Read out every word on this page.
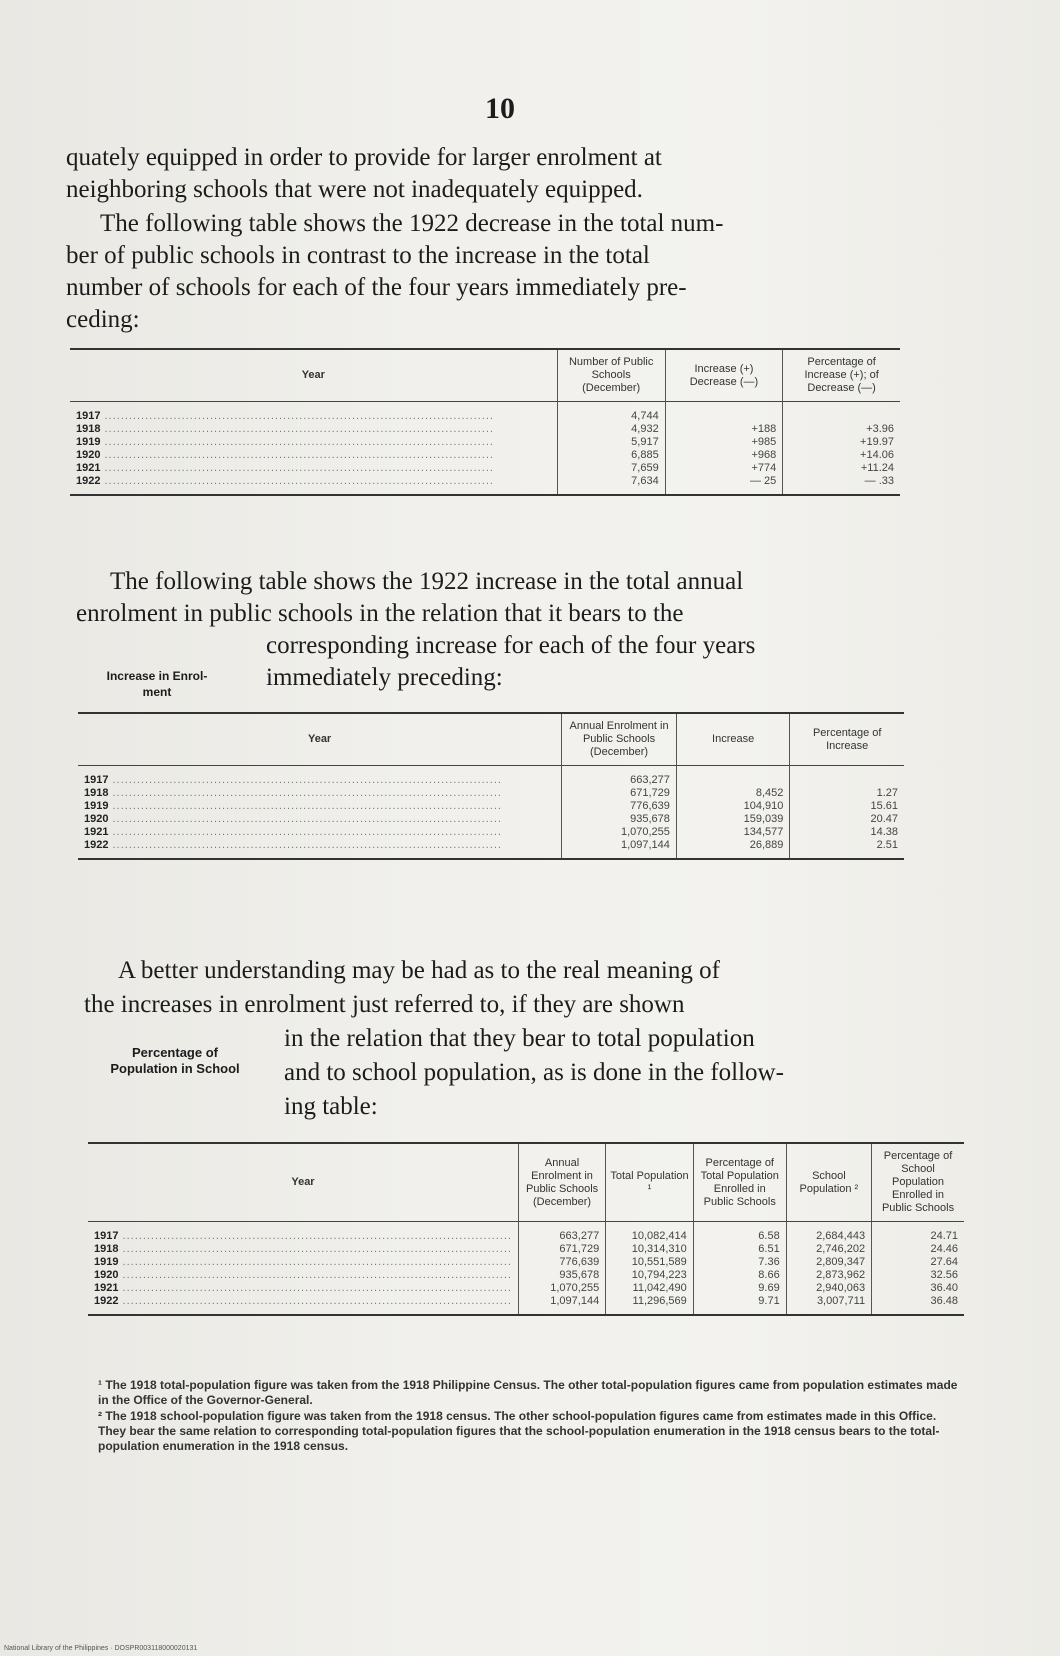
10
quately equipped in order to provide for larger enrolment at
neighboring schools that were not inadequately equipped.
The following table shows the 1922 decrease in the total num-
ber of public schools in contrast to the increase in the total
number of schools for each of the four years immediately pre-
ceding:
Year	Number of Public Schools (December)	Increase (+) Decrease (—)	Percentage of Increase (+); of Decrease (—)
1917 .....	4,744		
1918 .....	4,932	+188	+3.96
1919 .....	5,917	+985	+19.97
1920 .....	6,885	+968	+14.06
1921 .....	7,659	+774	+11.24
1922 .....	7,634	— 25	— .33
The following table shows the 1922 increase in the total annual
enrolment in public schools in the relation that it bears to the
corresponding increase for each of the four years
immediately preceding:
Increase in Enrol- ment
Year	Annual Enrolment in Public Schools (December)	Increase	Percentage of Increase
1917 .....	663,277		
1918 .....	671,729	8,452	1.27
1919 .....	776,639	104,910	15.61
1920 .....	935,678	159,039	20.47
1921 .....	1,070,255	134,577	14.38
1922 .....	1,097,144	26,889	2.51
A better understanding may be had as to the real meaning of
the increases in enrolment just referred to, if they are shown
in the relation that they bear to total population
and to school population, as is done in the follow-
ing table:
Percentage of Population in School
Year	Annual Enrolment in Public Schools (December)	Total Population ¹	Percentage of Total Population Enrolled in Public Schools	School Population ²	Percentage of School Population Enrolled in Public Schools
1917 .....	663,277	10,082,414	6.58	2,684,443	24.71
1918 .....	671,729	10,314,310	6.51	2,746,202	24.46
1919 .....	776,639	10,551,589	7.36	2,809,347	27.64
1920 .....	935,678	10,794,223	8.66	2,873,962	32.56
1921 .....	1,070,255	11,042,490	9.69	2,940,063	36.40
1922 .....	1,097,144	11,296,569	9.71	3,007,711	36.48

¹ The 1918 total-population figure was taken from the 1918 Philippine Census. The other total-population figures came from population estimates made in the Office of the Governor-General.

² The 1918 school-population figure was taken from the 1918 census. The other school-population figures came from estimates made in this Office. They bear the same relation to corresponding total-population figures that the school-population enumeration in the 1918 census bears to the total-population enumeration in the 1918 census.

National Library of the Philippines · DOSPR003118000020131
